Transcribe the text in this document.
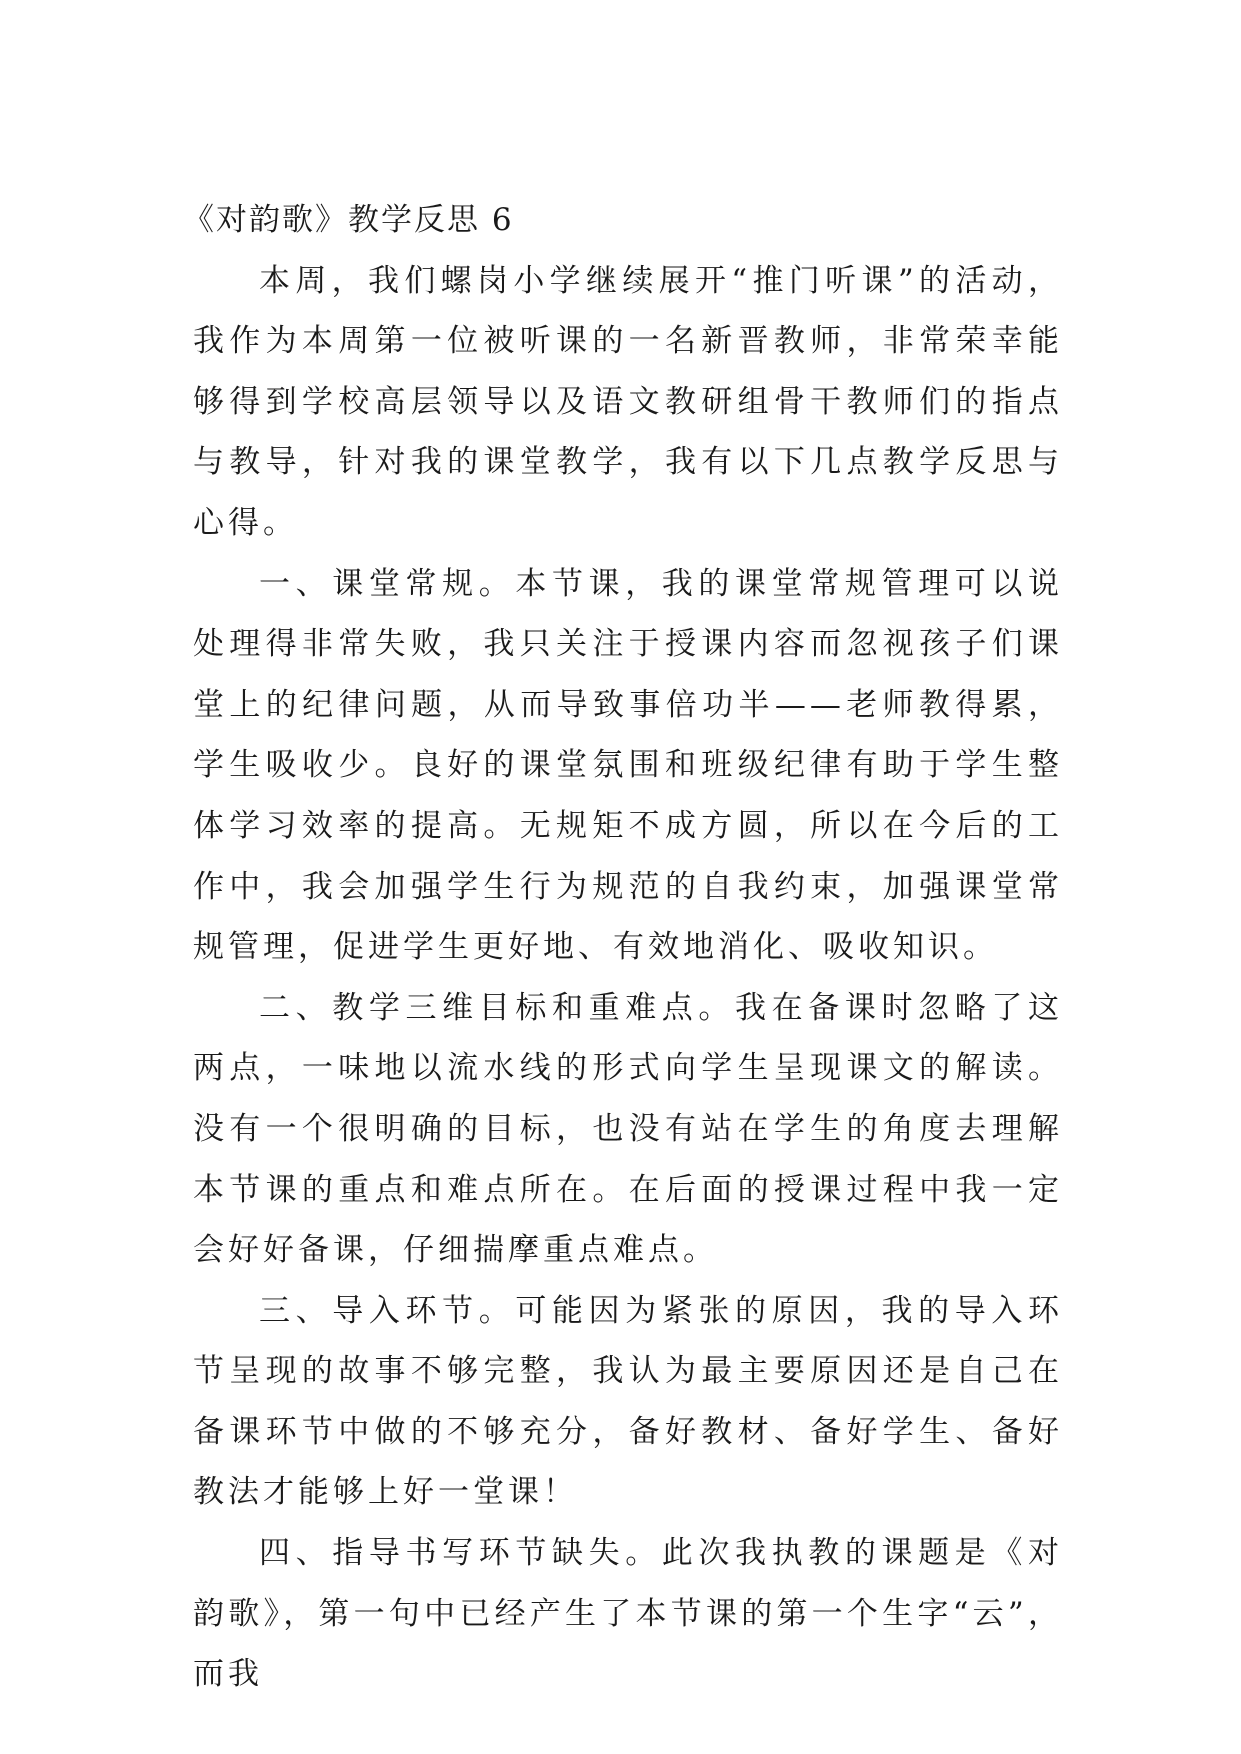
《对韵歌》教学反思 6

本周，我们螺岗小学继续展开“推门听课”的活动，我作为本周第一位被听课的一名新晋教师，非常荣幸能够得到学校高层领导以及语文教研组骨干教师们的指点与教导，针对我的课堂教学，我有以下几点教学反思与心得。

一、课堂常规。本节课，我的课堂常规管理可以说处理得非常失败，我只关注于授课内容而忽视孩子们课堂上的纪律问题，从而导致事倍功半——老师教得累，学生吸收少。良好的课堂氛围和班级纪律有助于学生整体学习效率的提高。无规矩不成方圆，所以在今后的工作中，我会加强学生行为规范的自我约束，加强课堂常规管理，促进学生更好地、有效地消化、吸收知识。

二、教学三维目标和重难点。我在备课时忽略了这两点，一味地以流水线的形式向学生呈现课文的解读。没有一个很明确的目标，也没有站在学生的角度去理解本节课的重点和难点所在。在后面的授课过程中我一定会好好备课，仔细揣摩重点难点。

三、导入环节。可能因为紧张的原因，我的导入环节呈现的故事不够完整，我认为最主要原因还是自己在备课环节中做的不够充分，备好教材、备好学生、备好教法才能够上好一堂课！

四、指导书写环节缺失。此次我执教的课题是《对韵歌》，第一句中已经产生了本节课的第一个生字“云”，而我
